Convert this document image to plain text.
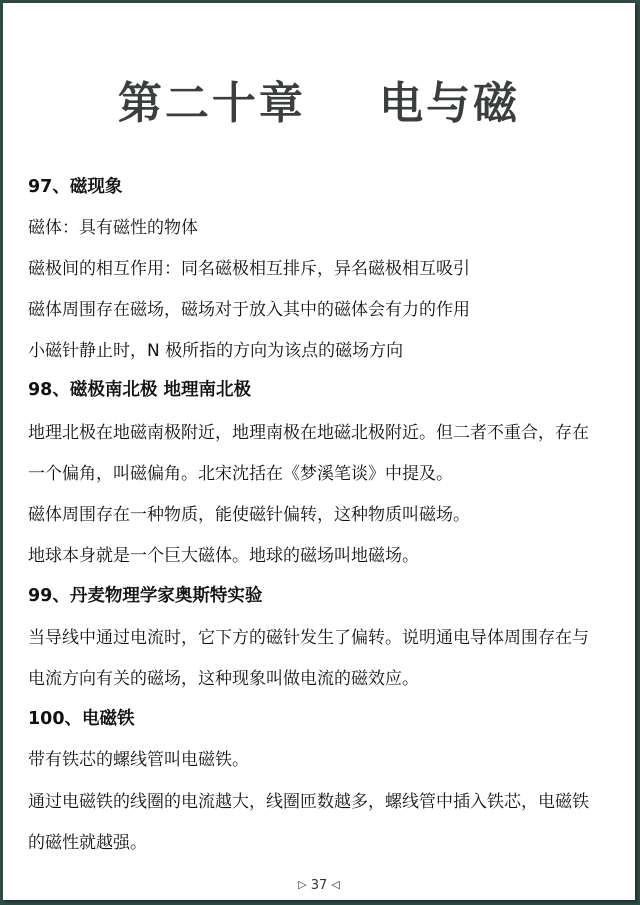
第二十章    电与磁
97、磁现象
磁体：具有磁性的物体
磁极间的相互作用：同名磁极相互排斥，异名磁极相互吸引
磁体周围存在磁场，磁场对于放入其中的磁体会有力的作用
小磁针静止时，N 极所指的方向为该点的磁场方向
98、磁极南北极 地理南北极
地理北极在地磁南极附近，地理南极在地磁北极附近。但二者不重合，存在
一个偏角，叫磁偏角。北宋沈括在《梦溪笔谈》中提及。
磁体周围存在一种物质，能使磁针偏转，这种物质叫磁场。
地球本身就是一个巨大磁体。地球的磁场叫地磁场。
99、丹麦物理学家奥斯特实验
当导线中通过电流时，它下方的磁针发生了偏转。说明通电导体周围存在与
电流方向有关的磁场，这种现象叫做电流的磁效应。
100、电磁铁
带有铁芯的螺线管叫电磁铁。
通过电磁铁的线圈的电流越大，线圈匝数越多，螺线管中插入铁芯，电磁铁
的磁性就越强。
▷ 37 ◁
